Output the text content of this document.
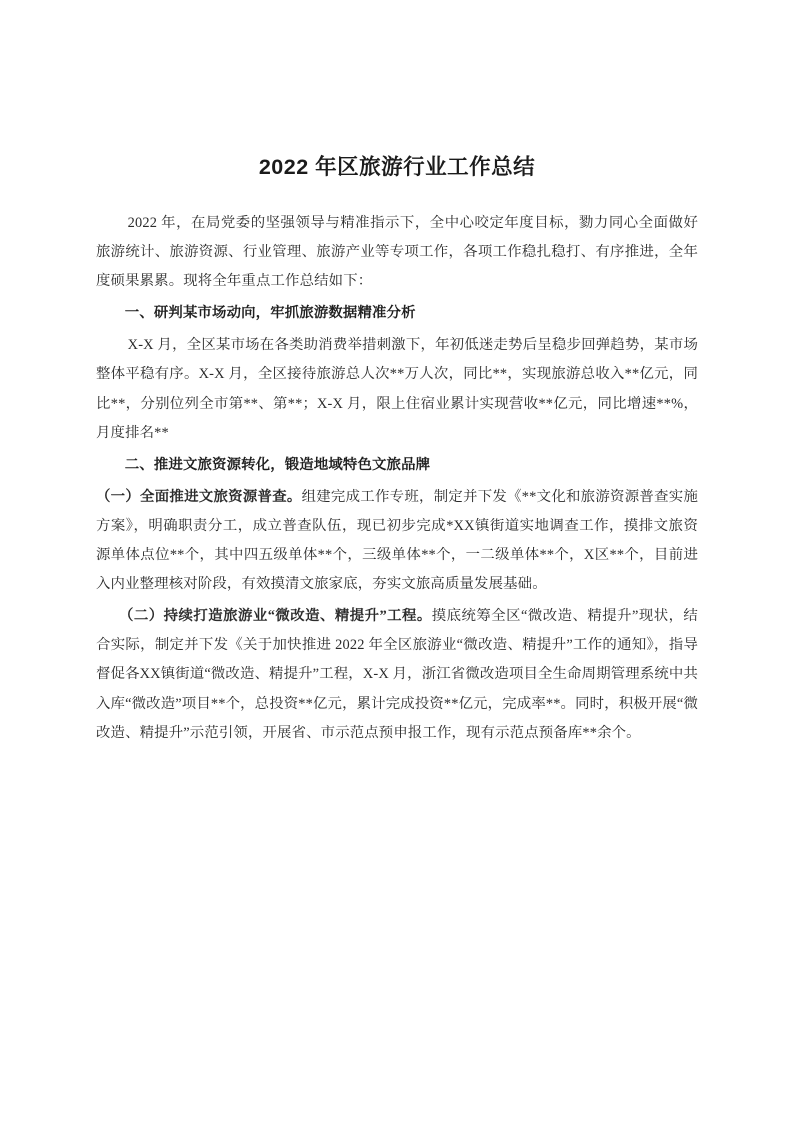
2022 年区旅游行业工作总结

2022 年，在局党委的坚强领导与精准指示下，全中心咬定年度目标，勠力同心全面做好旅游统计、旅游资源、行业管理、旅游产业等专项工作，各项工作稳扎稳打、有序推进，全年度硕果累累。现将全年重点工作总结如下：

一、研判某市场动向，牢抓旅游数据精准分析

X-X 月，全区某市场在各类助消费举措刺激下，年初低迷走势后呈稳步回弹趋势，某市场整体平稳有序。X-X 月，全区接待旅游总人次**万人次，同比**，实现旅游总收入**亿元，同比**，分别位列全市第**、第**；X-X 月，限上住宿业累计实现营收**亿元，同比增速**%，月度排名**

二、推进文旅资源转化，锻造地域特色文旅品牌

（一）全面推进文旅资源普查。组建完成工作专班，制定并下发《**文化和旅游资源普查实施方案》，明确职责分工，成立普查队伍，现已初步完成*XX镇街道实地调查工作，摸排文旅资源单体点位**个，其中四五级单体**个，三级单体**个，一二级单体**个，X区**个，目前进入内业整理核对阶段，有效摸清文旅家底，夯实文旅高质量发展基础。

（二）持续打造旅游业“微改造、精提升”工程。摸底统筹全区“微改造、精提升”现状，结合实际，制定并下发《关于加快推进 2022 年全区旅游业“微改造、精提升”工作的通知》，指导督促各XX镇街道“微改造、精提升”工程，X-X 月，浙江省微改造项目全生命周期管理系统中共入库“微改造”项目**个，总投资**亿元，累计完成投资**亿元，完成率**。同时，积极开展“微改造、精提升”示范引领，开展省、市示范点预申报工作，现有示范点预备库**余个。
